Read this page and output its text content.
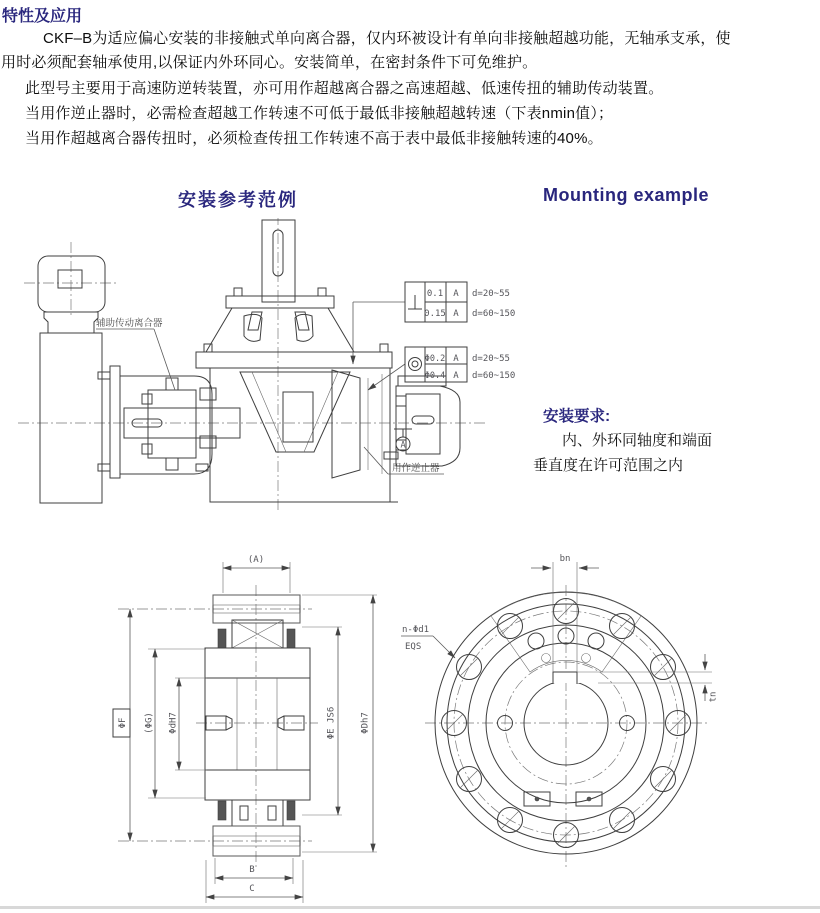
特性及应用
CKF–B为适应偏心安装的非接触式单向离合器，仅内环被设计有单向非接触超越功能，无轴承支承，使
用时必须配套轴承使用,以保证内外环同心。安装简单，在密封条件下可免维护。
此型号主要用于高速防逆转装置，亦可用作超越离合器之高速超越、低速传扭的辅助传动装置。
当用作逆止器时，必需检查超越工作转速不可低于最低非接触超越转速（下表nmin值）；
当用作超越离合器传扭时，必须检查传扭工作转速不高于表中最低非接触转速的40%。
安装参考范例	Mounting example
0.1 A
0.15 A
d=20~55
d=60~150
Φ0.2 A
Φ0.4 A
d=20~55
d=60~150
A
辅助传动离合器
用作逆止器
安装要求:
内、外环同轴度和端面
垂直度在许可范围之内
(A)
ΦF (ΦG) ΦdH7	ΦE JS6	ΦDh7
B
C
n-Φd1
EQS
bn
tn
